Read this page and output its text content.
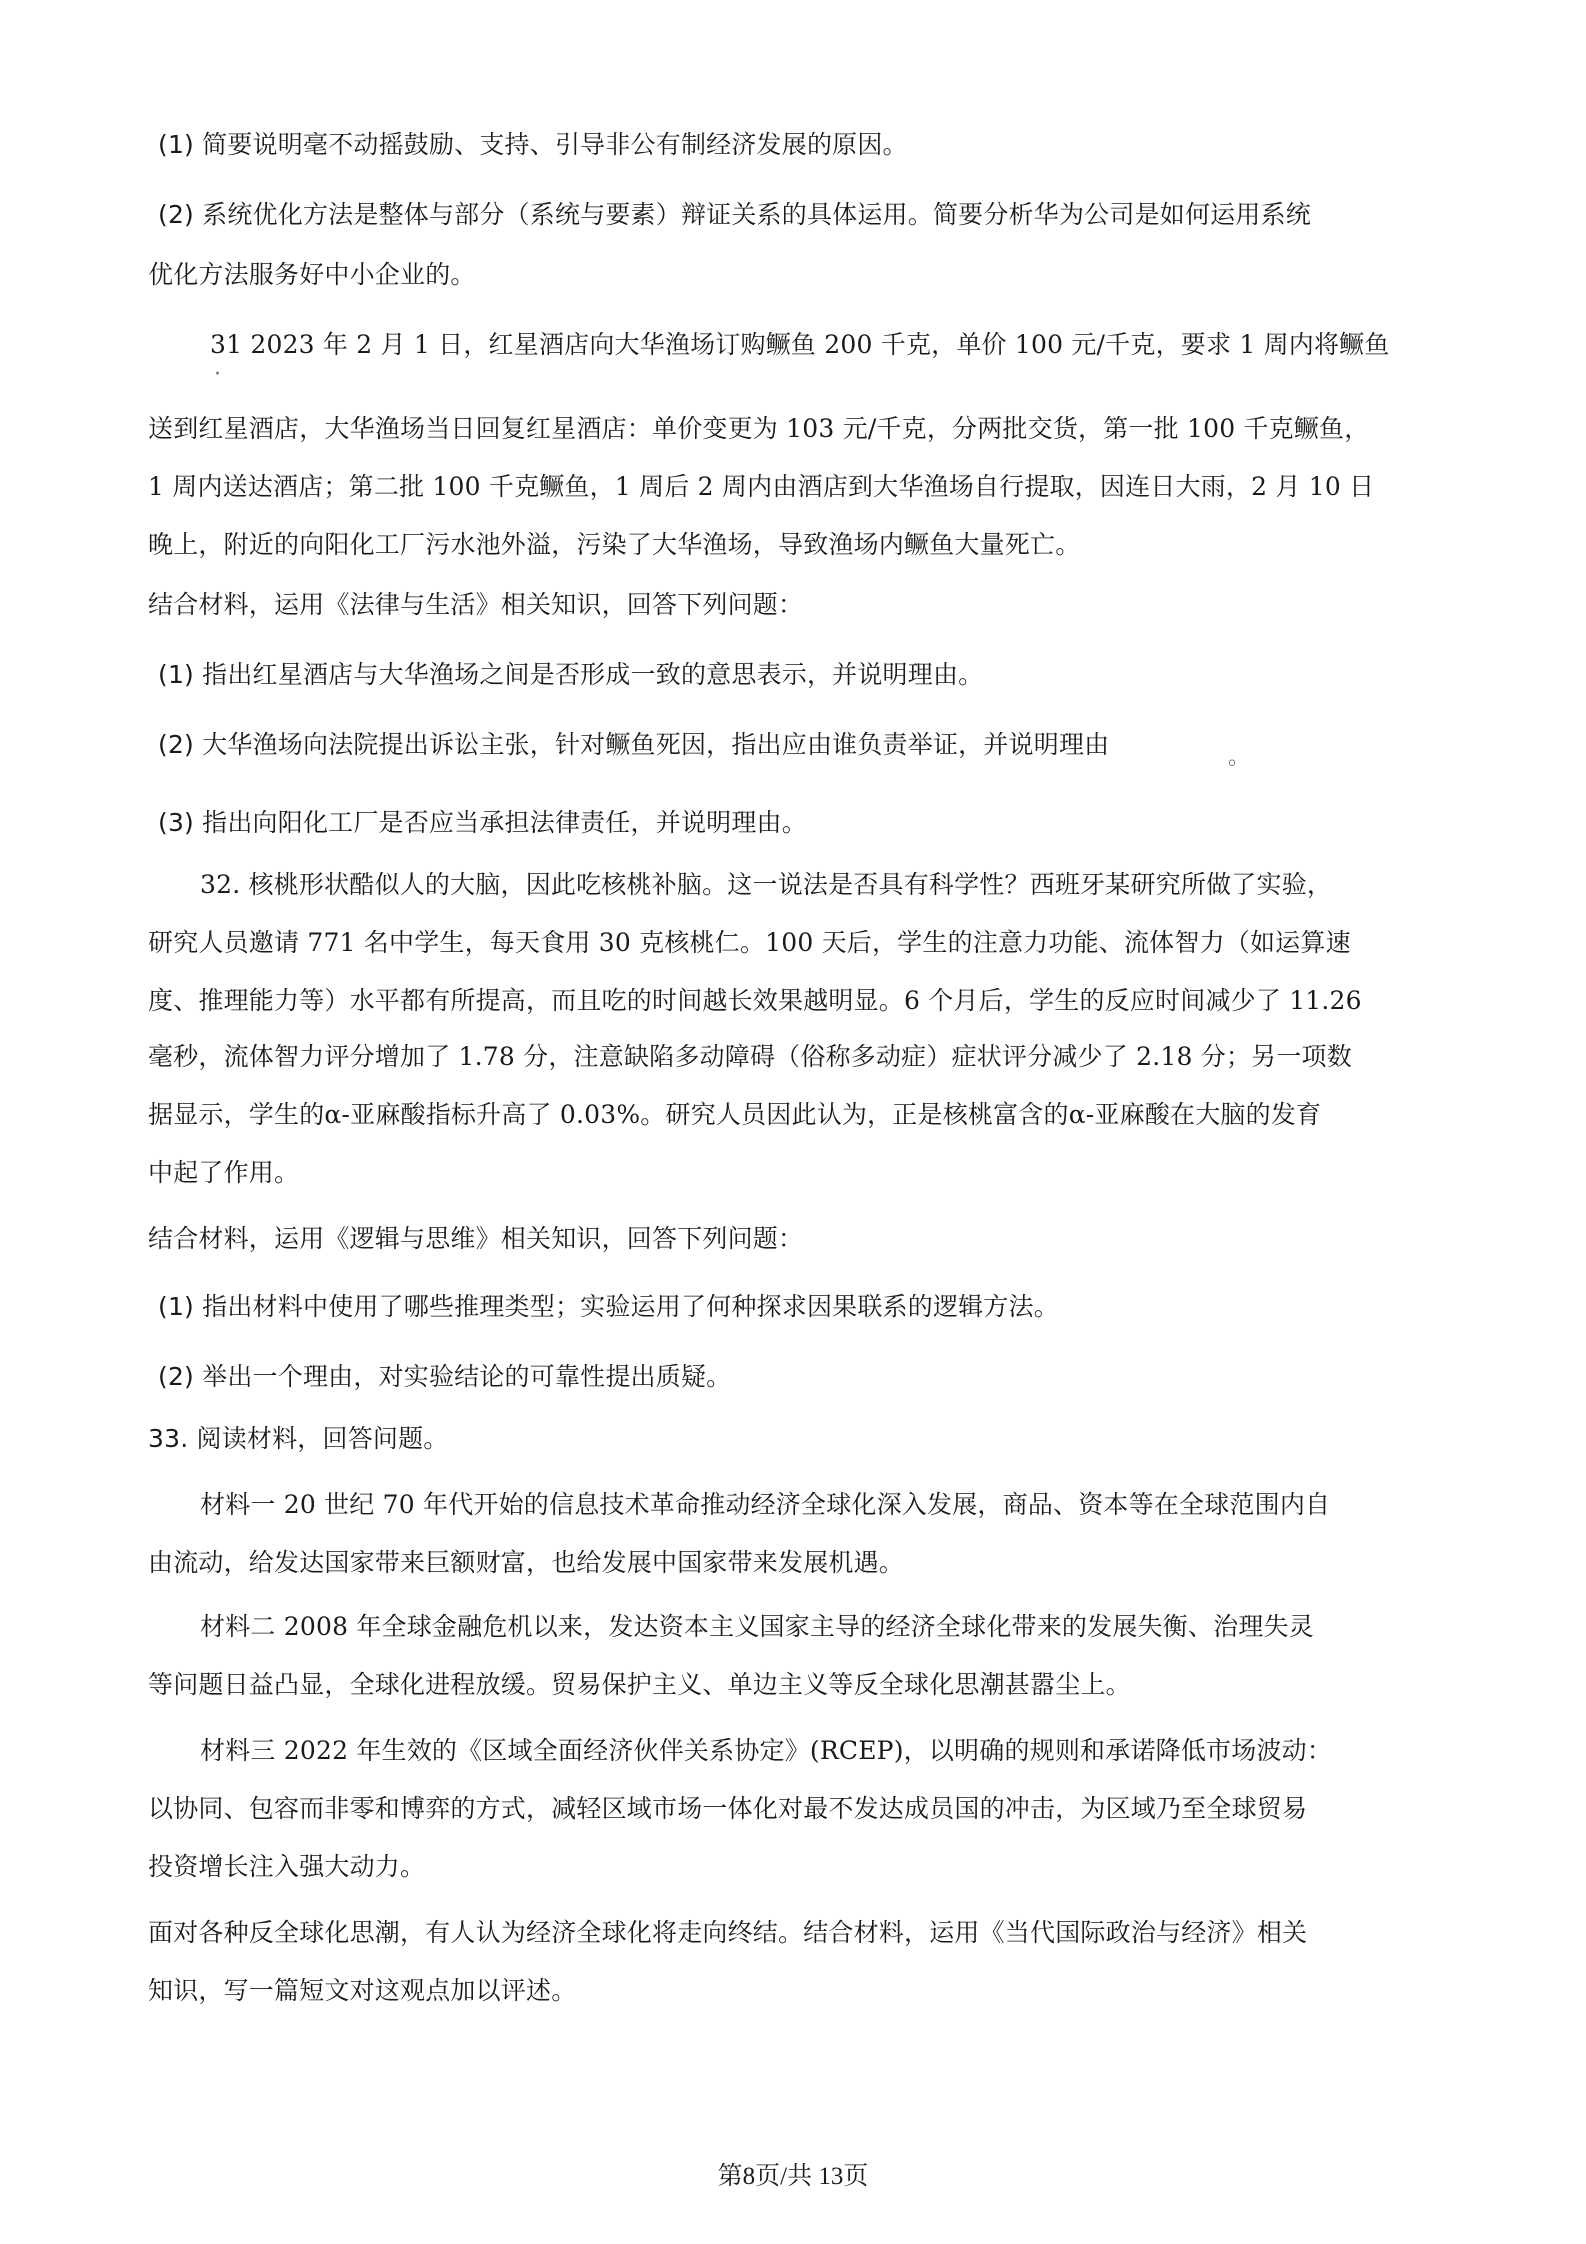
(1) 简要说明毫不动摇鼓励、支持、引导非公有制经济发展的原因。

(2) 系统优化方法是整体与部分（系统与要素）辩证关系的具体运用。简要分析华为公司是如何运用系统

优化方法服务好中小企业的。

31 2023 年 2 月 1 日，红星酒店向大华渔场订购鳜鱼 200 千克，单价 100 元/千克，要求 1 周内将鳜鱼

·

送到红星酒店，大华渔场当日回复红星酒店：单价变更为 103 元/千克，分两批交货，第一批 100 千克鳜鱼，

1 周内送达酒店；第二批 100 千克鳜鱼，1 周后 2 周内由酒店到大华渔场自行提取，因连日大雨，2 月 10 日

晚上，附近的向阳化工厂污水池外溢，污染了大华渔场，导致渔场内鳜鱼大量死亡。

结合材料，运用《法律与生活》相关知识，回答下列问题：

(1) 指出红星酒店与大华渔场之间是否形成一致的意思表示，并说明理由。

(2) 大华渔场向法院提出诉讼主张，针对鳜鱼死因，指出应由谁负责举证，并说明理由	。

(3) 指出向阳化工厂是否应当承担法律责任，并说明理由。

32. 核桃形状酷似人的大脑，因此吃核桃补脑。这一说法是否具有科学性？西班牙某研究所做了实验，

研究人员邀请 771 名中学生，每天食用 30 克核桃仁。100 天后，学生的注意力功能、流体智力（如运算速

度、推理能力等）水平都有所提高，而且吃的时间越长效果越明显。6 个月后，学生的反应时间减少了 11.26

毫秒，流体智力评分增加了 1.78 分，注意缺陷多动障碍（俗称多动症）症状评分减少了 2.18 分；另一项数

据显示，学生的α-亚麻酸指标升高了 0.03%。研究人员因此认为，正是核桃富含的α-亚麻酸在大脑的发育

中起了作用。

结合材料，运用《逻辑与思维》相关知识，回答下列问题：

(1) 指出材料中使用了哪些推理类型；实验运用了何种探求因果联系的逻辑方法。

(2) 举出一个理由，对实验结论的可靠性提出质疑。

33. 阅读材料，回答问题。

材料一 20 世纪 70 年代开始的信息技术革命推动经济全球化深入发展，商品、资本等在全球范围内自

由流动，给发达国家带来巨额财富，也给发展中国家带来发展机遇。

材料二 2008 年全球金融危机以来，发达资本主义国家主导的经济全球化带来的发展失衡、治理失灵

等问题日益凸显，全球化进程放缓。贸易保护主义、单边主义等反全球化思潮甚嚣尘上。

材料三 2022 年生效的《区域全面经济伙伴关系协定》(RCEP)，以明确的规则和承诺降低市场波动：

以协同、包容而非零和博弈的方式，减轻区域市场一体化对最不发达成员国的冲击，为区域乃至全球贸易

投资增长注入强大动力。

面对各种反全球化思潮，有人认为经济全球化将走向终结。结合材料，运用《当代国际政治与经济》相关

知识，写一篇短文对这观点加以评述。

第8页/共 13页
